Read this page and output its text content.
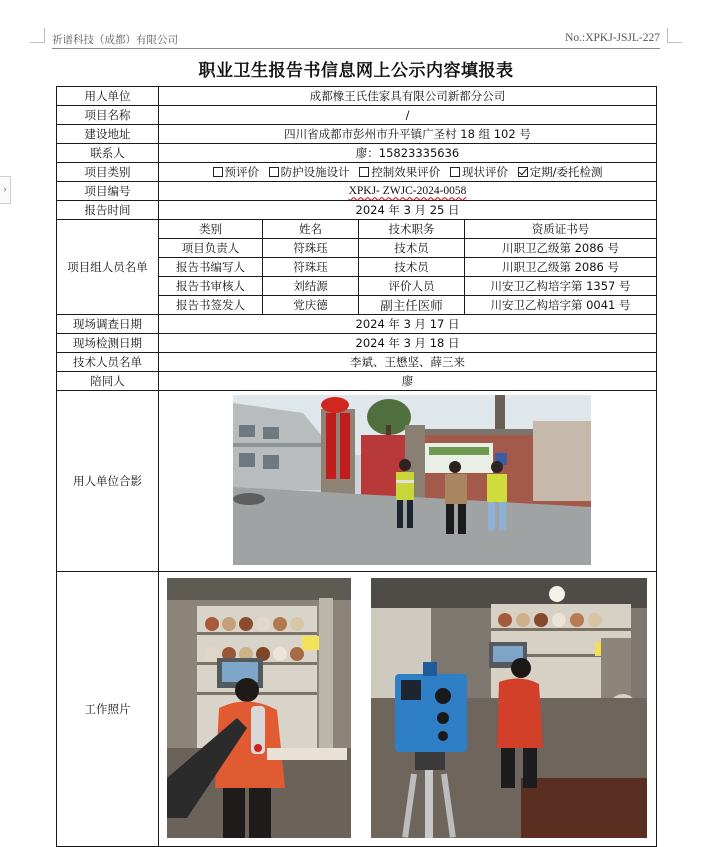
›
祈谱科技（成都）有限公司	No.:XPKJ-JSJL-227
职业卫生报告书信息网上公示内容填报表
用人单位	成都橡王氏佳家具有限公司新都分公司			
项目名称	/			
建设地址	四川省成都市彭州市升平镇广圣村 18 组 102 号			
联系人	廖：15823335636			
项目类别	预评价 防护设施设计 控制效果评价 现状评价 定期/委托检测			
项目编号	XPKJ- ZWJC-2024-0058			
报告时间	2024 年 3 月 25 日			
项目组人员名单	类别	姓名	技术职务	资质证书号
	项目负责人	符珠珏	技术员	川职卫乙级第 2086 号
	报告书编写人	符珠珏	技术员	川职卫乙级第 2086 号
	报告书审核人	刘结源	评价人员	川安卫乙构培字第 1357 号
	报告书签发人	党庆德	副主任医师	川安卫乙构培字第 0041 号
现场调查日期	2024 年 3 月 17 日			
现场检测日期	2024 年 3 月 18 日			
技术人员名单	李斌、王懋坚、薛三来			
陪同人	廖			
用人单位合影	

工作照片	
